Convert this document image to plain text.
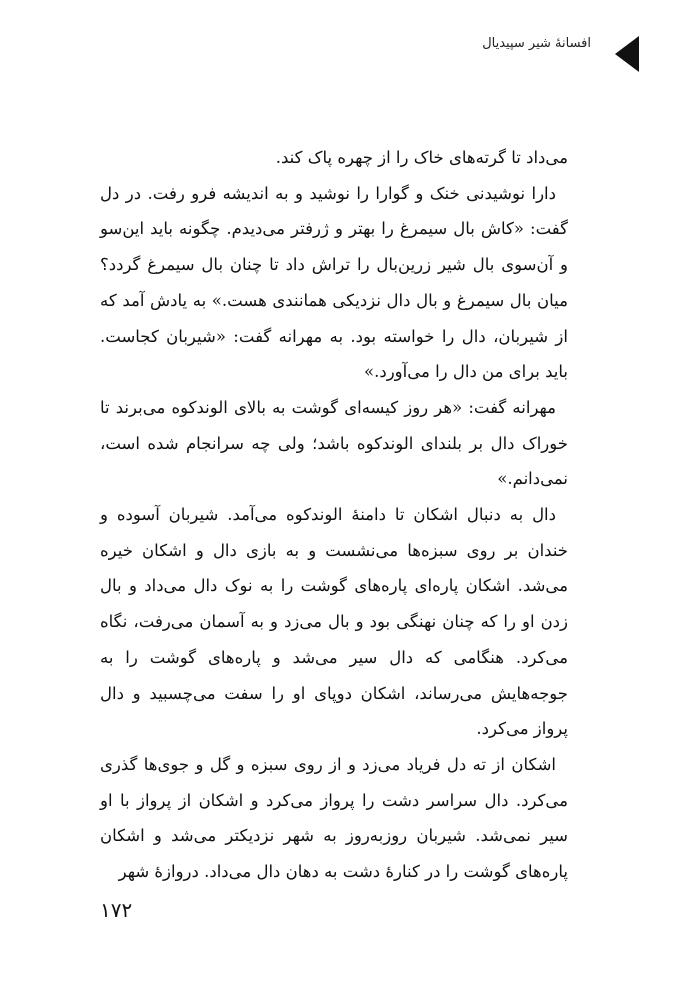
افسانهٔ شیر سپیدیال

می‌داد تا گرته‌های خاک را از چهره پاک کند.

دارا نوشیدنی خنک و گوارا را نوشید و به اندیشه فرو رفت. در دل گفت: «کاش بال سیمرغ را بهتر و ژرفتر می‌دیدم. چگونه باید این‌سو و آن‌سوی بال شیر زرین‌بال را تراش داد تا چنان بال سیمرغ گردد؟ میان بال سیمرغ و بال دال نزدیکی همانندی هست.» به یادش آمد که از شیربان، دال را خواسته بود. به مهرانه گفت: «شیربان کجاست. باید برای من دال را می‌آورد.»

مهرانه گفت: «هر روز کیسه‌ای گوشت به بالای الوندکوه می‌برند تا خوراک دال بر بلندای الوندکوه باشد؛ ولی چه سرانجام شده است، نمی‌دانم.»

دال به دنبال اشکان تا دامنهٔ الوندکوه می‌آمد. شیربان آسوده و خندان بر روی سبزه‌ها می‌نشست و به بازی دال و اشکان خیره می‌شد. اشکان پاره‌ای پاره‌های گوشت را به نوک دال می‌داد و بال زدن او را که چنان نهنگی بود و بال می‌زد و به آسمان می‌رفت، نگاه می‌کرد. هنگامی که دال سیر می‌شد و پاره‌های گوشت را به جوجه‌هایش می‌رساند، اشکان دوپای او را سفت می‌چسبید و دال پرواز می‌کرد.

اشکان از ته دل فریاد می‌زد و از روی سبزه و گل و جوی‌ها گذری می‌کرد. دال سراسر دشت را پرواز می‌کرد و اشکان از پرواز با او سیر نمی‌شد. شیربان روزبه‌روز به شهر نزدیکتر می‌شد و اشکان پاره‌های گوشت را در کنارهٔ دشت به دهان دال می‌داد. دروازهٔ شهر

۱۷۲
